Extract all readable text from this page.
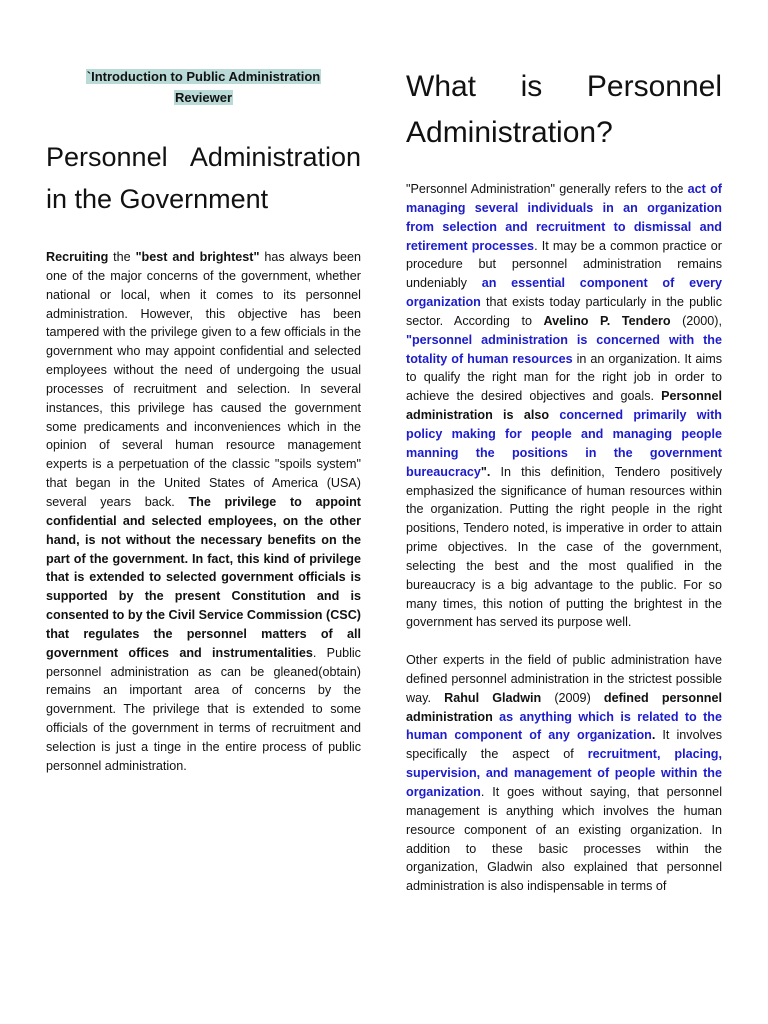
`Introduction to Public Administration
Reviewer
Personnel Administration in the Government

Recruiting the "best and brightest" has always been one of the major concerns of the government, whether national or local, when it comes to its personnel administration. However, this objective has been tampered with the privilege given to a few officials in the government who may appoint confidential and selected employees without the need of undergoing the usual processes of recruitment and selection. In several instances, this privilege has caused the government some predicaments and inconveniences which in the opinion of several human resource management experts is a perpetuation of the classic "spoils system" that began in the United States of America (USA) several years back. The privilege to appoint confidential and selected employees, on the other hand, is not without the necessary benefits on the part of the government. In fact, this kind of privilege that is extended to selected government officials is supported by the present Constitution and is consented to by the Civil Service Commission (CSC) that regulates the personnel matters of all government offices and instrumentalities. Public personnel administration as can be gleaned(obtain) remains an important area of concerns by the government. The privilege that is extended to some officials of the government in terms of recruitment and selection is just a tinge in the entire process of public personnel administration.

What is Personnel Administration?

"Personnel Administration" generally refers to the act of managing several individuals in an organization from selection and recruitment to dismissal and retirement processes. It may be a common practice or procedure but personnel administration remains undeniably an essential component of every organization that exists today particularly in the public sector. According to Avelino P. Tendero (2000), "personnel administration is concerned with the totality of human resources in an organization. It aims to qualify the right man for the right job in order to achieve the desired objectives and goals. Personnel administration is also concerned primarily with policy making for people and managing people manning the positions in the government bureaucracy". In this definition, Tendero positively emphasized the significance of human resources within the organization. Putting the right people in the right positions, Tendero noted, is imperative in order to attain prime objectives. In the case of the government, selecting the best and the most qualified in the bureaucracy is a big advantage to the public. For so many times, this notion of putting the brightest in the government has served its purpose well.

Other experts in the field of public administration have defined personnel administration in the strictest possible way. Rahul Gladwin (2009) defined personnel administration as anything which is related to the human component of any organization. It involves specifically the aspect of recruitment, placing, supervision, and management of people within the organization. It goes without saying, that personnel management is anything which involves the human resource component of an existing organization. In addition to these basic processes within the organization, Gladwin also explained that personnel administration is also indispensable in terms of
